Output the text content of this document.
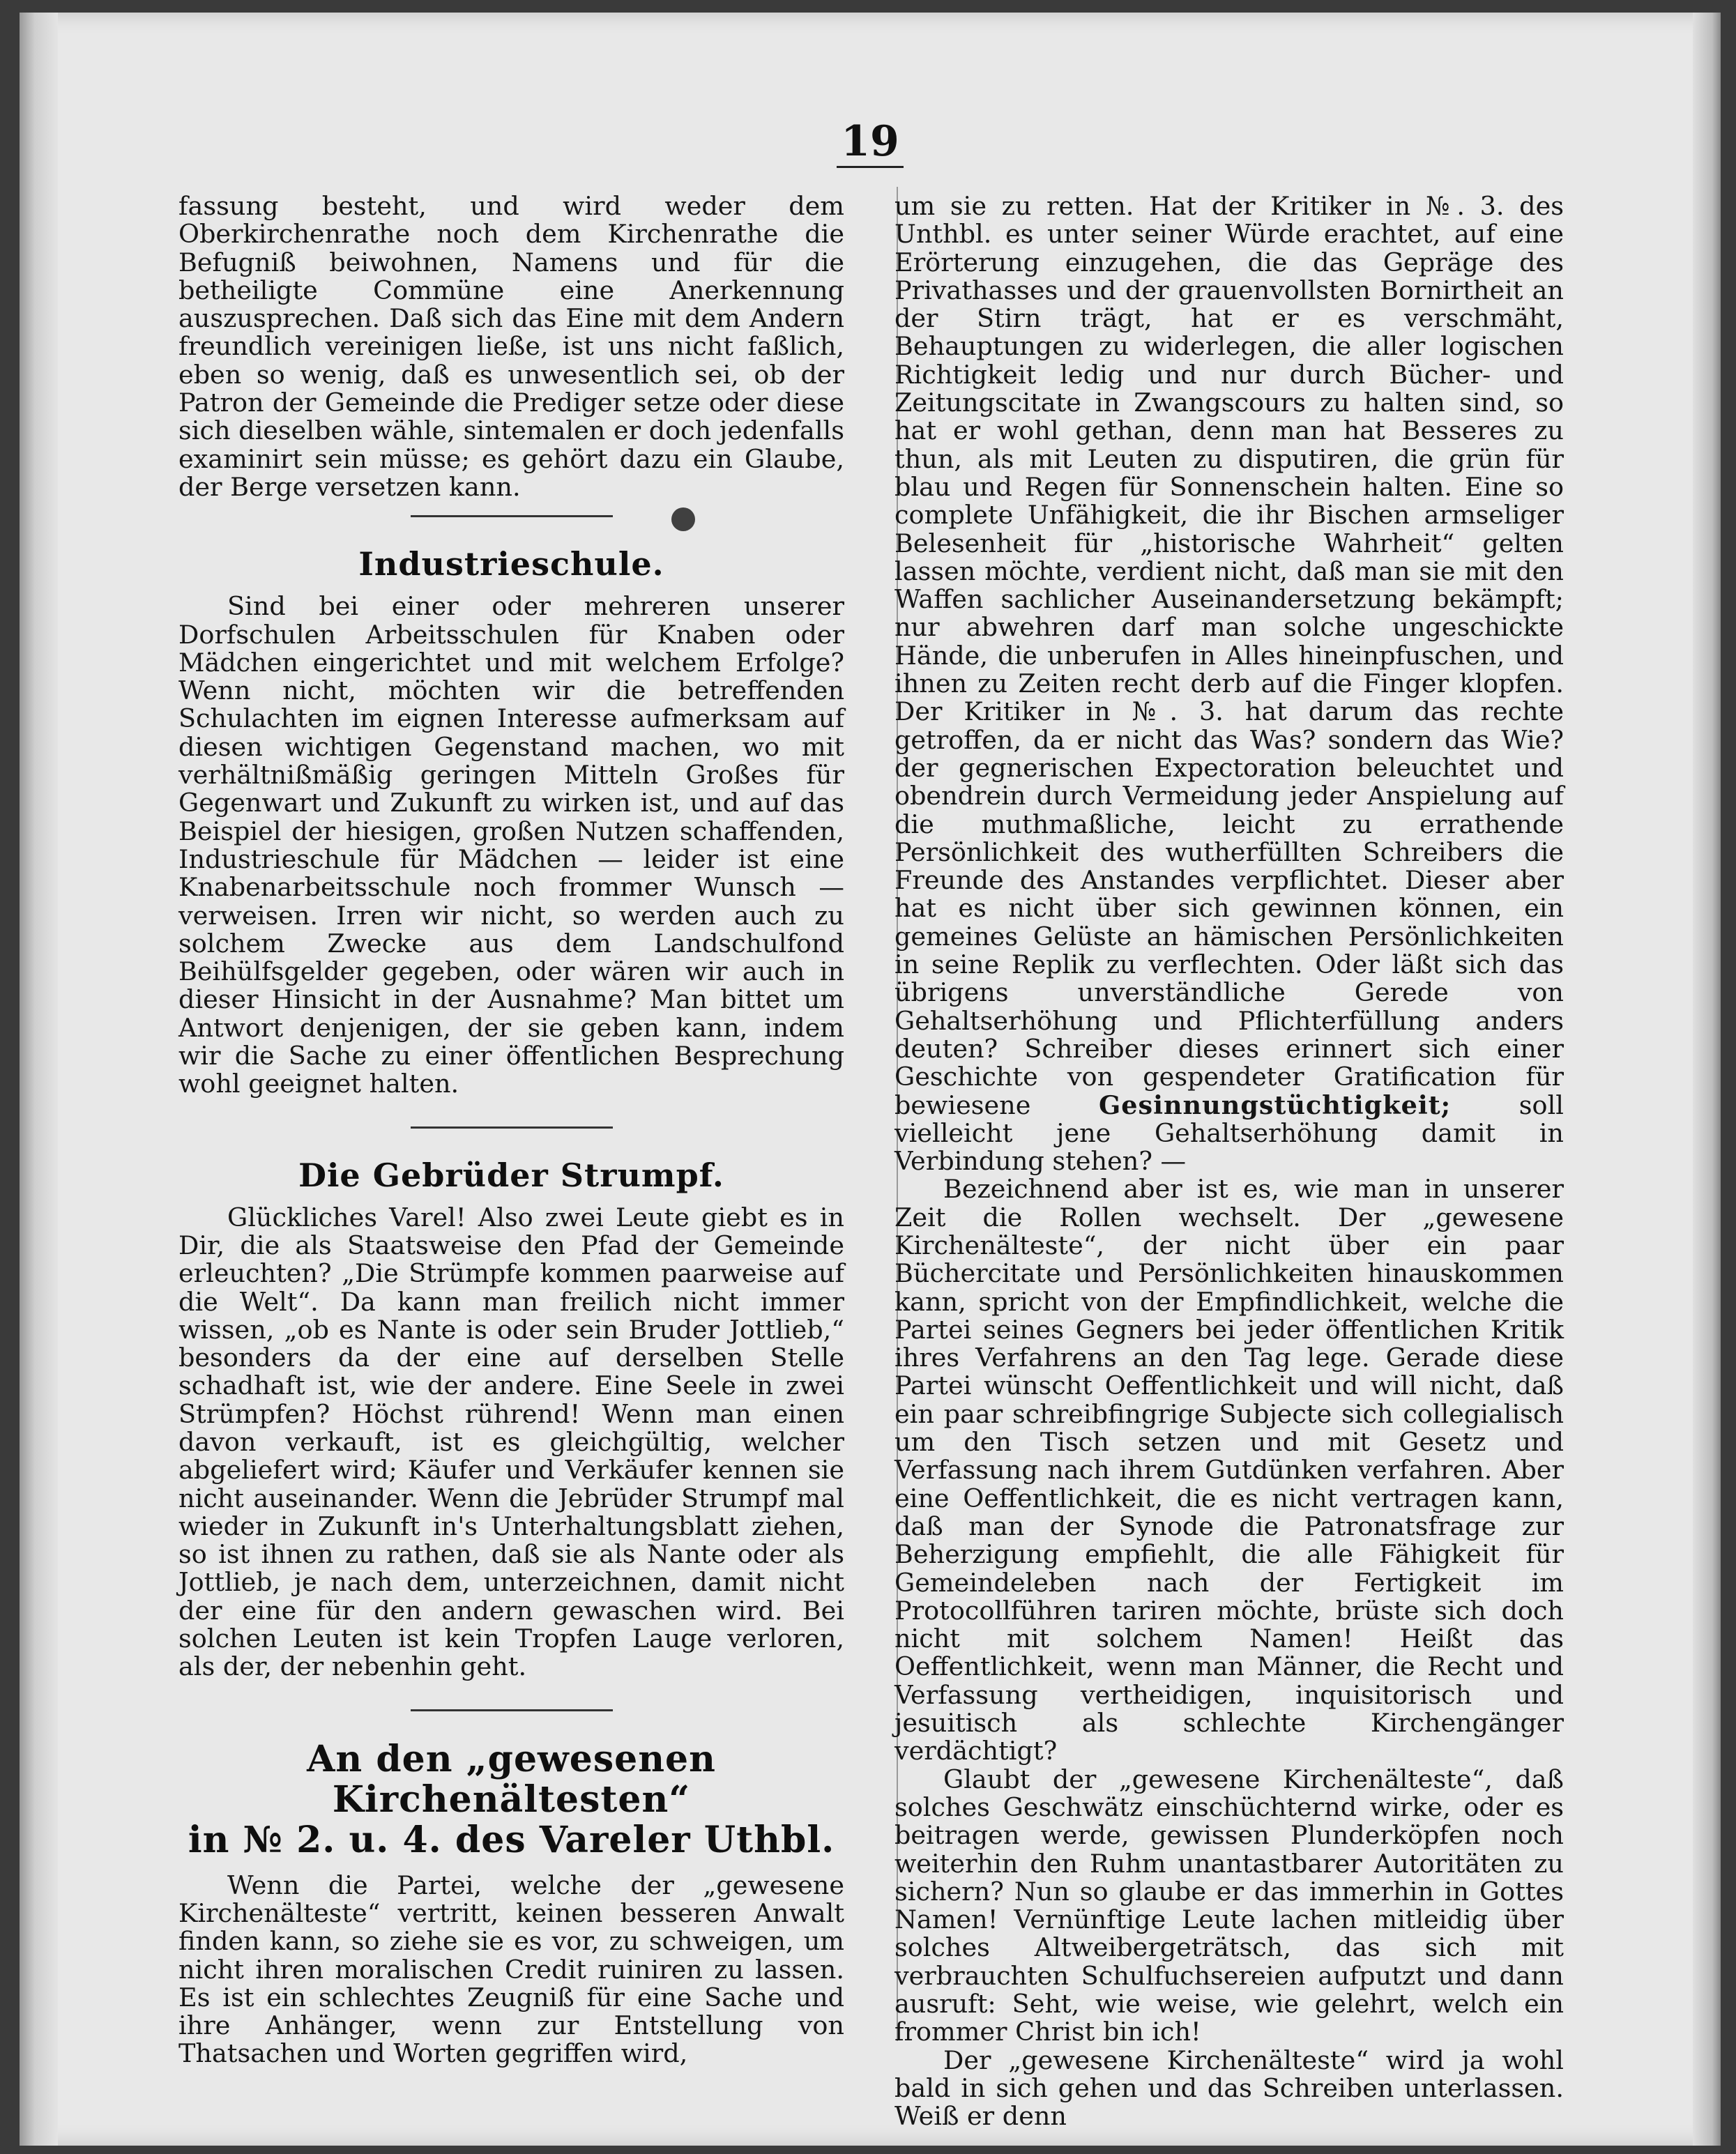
19

fassung besteht, und wird weder dem Oberkirchenrathe noch dem Kirchenrathe die Befugniß beiwohnen, Namens und für die betheiligte Commüne eine Anerkennung auszusprechen. Daß sich das Eine mit dem Andern freundlich vereinigen ließe, ist uns nicht faßlich, eben so wenig, daß es unwesentlich sei, ob der Patron der Gemeinde die Prediger setze oder diese sich dieselben wähle, sintemalen er doch jedenfalls examinirt sein müsse; es gehört dazu ein Glaube, der Berge versetzen kann.

Industrieschule.

Sind bei einer oder mehreren unserer Dorfschulen Arbeitsschulen für Knaben oder Mädchen eingerichtet und mit welchem Erfolge? Wenn nicht, möchten wir die betreffenden Schulachten im eignen Interesse aufmerksam auf diesen wichtigen Gegenstand machen, wo mit verhältnißmäßig geringen Mitteln Großes für Gegenwart und Zukunft zu wirken ist, und auf das Beispiel der hiesigen, großen Nutzen schaffenden, Industrieschule für Mädchen — leider ist eine Knabenarbeitsschule noch frommer Wunsch — verweisen. Irren wir nicht, so werden auch zu solchem Zwecke aus dem Landschulfond Beihülfsgelder gegeben, oder wären wir auch in dieser Hinsicht in der Ausnahme? Man bittet um Antwort denjenigen, der sie geben kann, indem wir die Sache zu einer öffentlichen Besprechung wohl geeignet halten.

Die Gebrüder Strumpf.

Glückliches Varel! Also zwei Leute giebt es in Dir, die als Staatsweise den Pfad der Gemeinde erleuchten? „Die Strümpfe kommen paarweise auf die Welt“. Da kann man freilich nicht immer wissen, „ob es Nante is oder sein Bruder Jottlieb,“ besonders da der eine auf derselben Stelle schadhaft ist, wie der andere. Eine Seele in zwei Strümpfen? Höchst rührend! Wenn man einen davon verkauft, ist es gleichgültig, welcher abgeliefert wird; Käufer und Verkäufer kennen sie nicht auseinander. Wenn die Jebrüder Strumpf mal wieder in Zukunft in's Unterhaltungsblatt ziehen, so ist ihnen zu rathen, daß sie als Nante oder als Jottlieb, je nach dem, unterzeichnen, damit nicht der eine für den andern gewaschen wird. Bei solchen Leuten ist kein Tropfen Lauge verloren, als der, der nebenhin geht.

An den „gewesenen Kirchenältesten“
in № 2. u. 4. des Vareler Uthbl.

Wenn die Partei, welche der „gewesene Kirchenälteste“ vertritt, keinen besseren Anwalt finden kann, so ziehe sie es vor, zu schweigen, um nicht ihren moralischen Credit ruiniren zu lassen. Es ist ein schlechtes Zeugniß für eine Sache und ihre Anhänger, wenn zur Entstellung von Thatsachen und Worten gegriffen wird,

um sie zu retten. Hat der Kritiker in №. 3. des Unthbl. es unter seiner Würde erachtet, auf eine Erörterung einzugehen, die das Gepräge des Privathasses und der grauenvollsten Bornirtheit an der Stirn trägt, hat er es verschmäht, Behauptungen zu widerlegen, die aller logischen Richtigkeit ledig und nur durch Bücher- und Zeitungscitate in Zwangscours zu halten sind, so hat er wohl gethan, denn man hat Besseres zu thun, als mit Leuten zu disputiren, die grün für blau und Regen für Sonnenschein halten. Eine so complete Unfähigkeit, die ihr Bischen armseliger Belesenheit für „historische Wahrheit“ gelten lassen möchte, verdient nicht, daß man sie mit den Waffen sachlicher Auseinandersetzung bekämpft; nur abwehren darf man solche ungeschickte Hände, die unberufen in Alles hineinpfuschen, und ihnen zu Zeiten recht derb auf die Finger klopfen. Der Kritiker in №. 3. hat darum das rechte getroffen, da er nicht das Was? sondern das Wie? der gegnerischen Expectoration beleuchtet und obendrein durch Vermeidung jeder Anspielung auf die muthmaßliche, leicht zu errathende Persönlichkeit des wutherfüllten Schreibers die Freunde des Anstandes verpflichtet. Dieser aber hat es nicht über sich gewinnen können, ein gemeines Gelüste an hämischen Persönlichkeiten in seine Replik zu verflechten. Oder läßt sich das übrigens unverständliche Gerede von Gehaltserhöhung und Pflichterfüllung anders deuten? Schreiber dieses erinnert sich einer Geschichte von gespendeter Gratification für bewiesene	Gesinnungstüchtigkeit;	soll vielleicht jene Gehaltserhöhung damit in Verbindung stehen? —

Bezeichnend aber ist es, wie man in unserer Zeit die Rollen wechselt. Der „gewesene Kirchenälteste“, der nicht über ein paar Büchercitate und Persönlichkeiten hinauskommen kann, spricht von der Empfindlichkeit, welche die Partei seines Gegners bei jeder öffentlichen Kritik ihres Verfahrens an den Tag lege. Gerade diese Partei wünscht Oeffentlichkeit und will nicht, daß ein paar schreibfingrige Subjecte sich collegialisch um den Tisch setzen und mit Gesetz und Verfassung nach ihrem Gutdünken verfahren. Aber eine Oeffentlichkeit, die es nicht vertragen kann, daß man der Synode die Patronatsfrage zur Beherzigung empfiehlt, die alle Fähigkeit für Gemeindeleben nach der Fertigkeit im Protocollführen tariren möchte, brüste sich doch nicht mit solchem Namen! Heißt das Oeffentlichkeit, wenn man Männer, die Recht und Verfassung vertheidigen, inquisitorisch und jesuitisch als schlechte Kirchengänger verdächtigt?

Glaubt der „gewesene Kirchenälteste“, daß solches Geschwätz einschüchternd wirke, oder es beitragen werde, gewissen Plunderköpfen noch weiterhin den Ruhm unantastbarer Autoritäten zu sichern? Nun so glaube er das immerhin in Gottes Namen! Vernünftige Leute lachen mitleidig über solches Altweibergeträtsch, das sich mit verbrauchten Schulfuchsereien aufputzt und dann ausruft: Seht, wie weise, wie gelehrt, welch ein frommer Christ bin ich!

Der „gewesene Kirchenälteste“ wird ja wohl bald in sich gehen und das Schreiben unterlassen. Weiß er denn
